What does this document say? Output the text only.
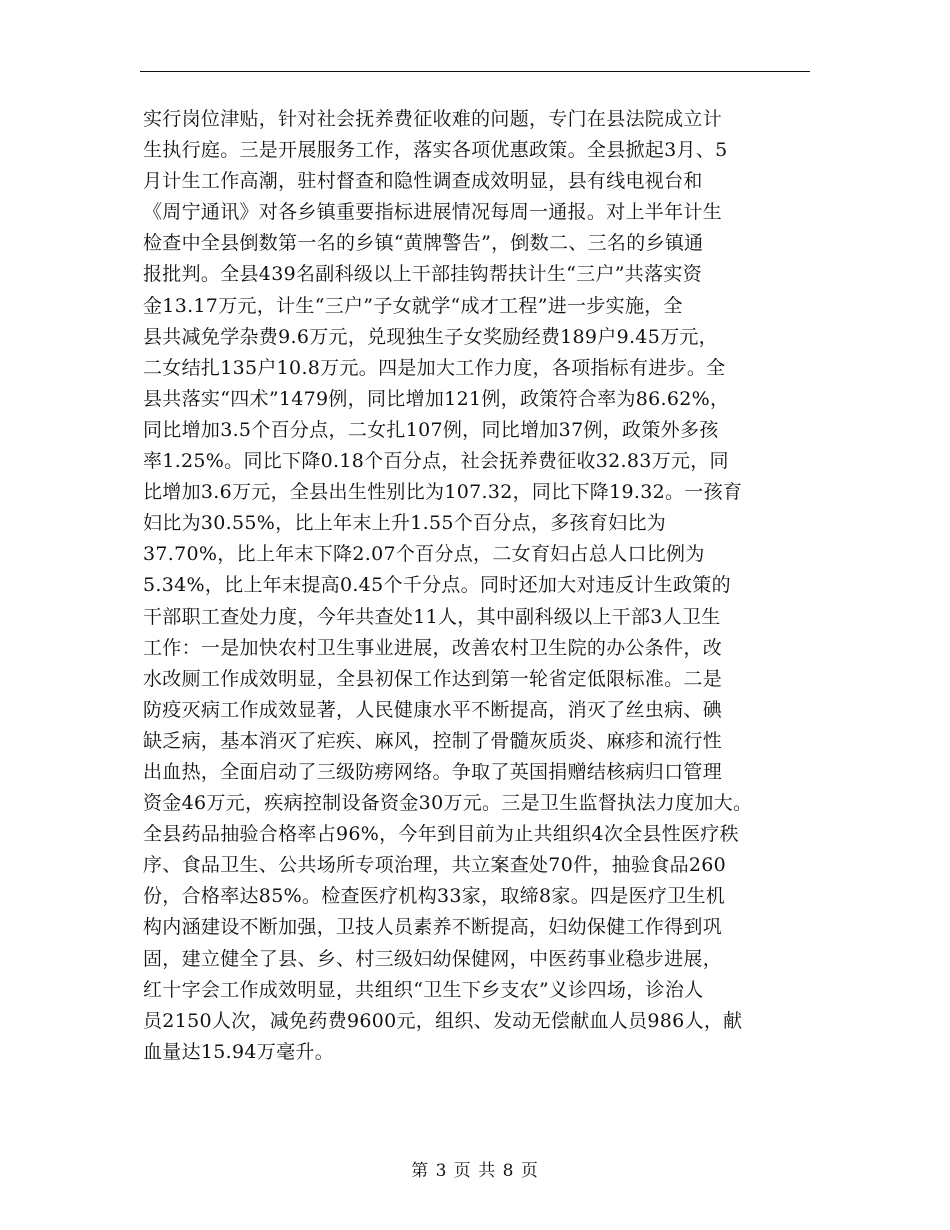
实行岗位津贴，针对社会抚养费征收难的问题，专门在县法院成立计
生执行庭。三是开展服务工作，落实各项优惠政策。全县掀起3月、5
月计生工作高潮，驻村督查和隐性调查成效明显，县有线电视台和
《周宁通讯》对各乡镇重要指标进展情况每周一通报。对上半年计生
检查中全县倒数第一名的乡镇“黄牌警告”，倒数二、三名的乡镇通
报批判。全县439名副科级以上干部挂钩帮扶计生“三户”共落实资
金13.17万元，计生“三户”子女就学“成才工程”进一步实施，全
县共减免学杂费9.6万元，兑现独生子女奖励经费189户9.45万元，
二女结扎135户10.8万元。四是加大工作力度，各项指标有进步。全
县共落实“四术”1479例，同比增加121例，政策符合率为86.62%，
同比增加3.5个百分点，二女扎107例，同比增加37例，政策外多孩
率1.25%。同比下降0.18个百分点，社会抚养费征收32.83万元，同
比增加3.6万元，全县出生性别比为107.32，同比下降19.32。一孩育
妇比为30.55%，比上年末上升1.55个百分点，多孩育妇比为
37.70%，比上年末下降2.07个百分点，二女育妇占总人口比例为
5.34%，比上年末提高0.45个千分点。同时还加大对违反计生政策的
干部职工查处力度，今年共查处11人，其中副科级以上干部3人卫生
工作：一是加快农村卫生事业进展，改善农村卫生院的办公条件，改
水改厕工作成效明显，全县初保工作达到第一轮省定低限标准。二是
防疫灭病工作成效显著，人民健康水平不断提高，消灭了丝虫病、碘
缺乏病，基本消灭了疟疾、麻风，控制了骨髓灰质炎、麻疹和流行性
出血热，全面启动了三级防痨网络。争取了英国捐赠结核病归口管理
资金46万元，疾病控制设备资金30万元。三是卫生监督执法力度加大。
全县药品抽验合格率占96%，今年到目前为止共组织4次全县性医疗秩
序、食品卫生、公共场所专项治理，共立案查处70件，抽验食品260
份，合格率达85%。检查医疗机构33家，取缔8家。四是医疗卫生机
构内涵建设不断加强，卫技人员素养不断提高，妇幼保健工作得到巩
固，建立健全了县、乡、村三级妇幼保健网，中医药事业稳步进展，
红十字会工作成效明显，共组织“卫生下乡支农”义诊四场，诊治人
员2150人次，减免药费9600元，组织、发动无偿献血人员986人，献
血量达15.94万毫升。
第 3 页 共 8 页
